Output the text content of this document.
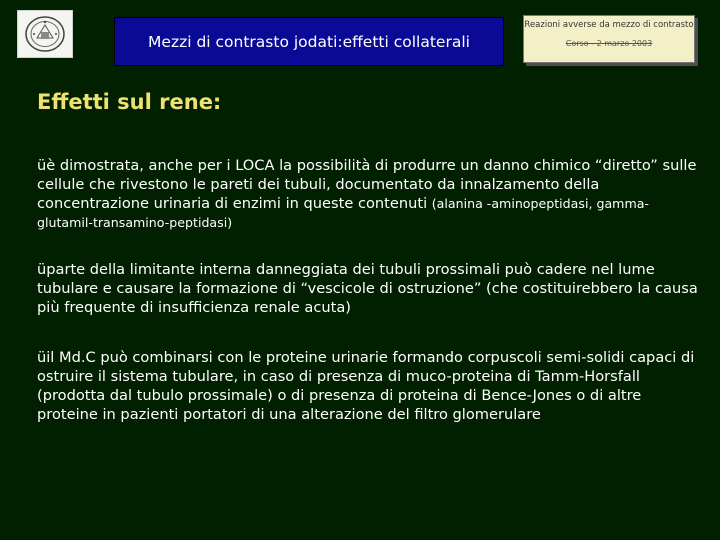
Mezzi di contrasto jodati:effetti collaterali
Reazioni avverse da mezzo di contrasto
Corso - 2 marzo 2003
Effetti sul rene:

üè dimostrata, anche per i LOCA la possibilità di produrre un danno chimico “diretto” sulle cellule che rivestono le pareti dei tubuli, documentato da innalzamento della concentrazione urinaria di enzimi in queste contenuti (alanina -aminopeptidasi, gamma-glutamil-transamino-peptidasi)

üparte della limitante interna danneggiata dei tubuli prossimali può cadere nel lume tubulare e causare la formazione di “vescicole di ostruzione” (che costituirebbero la causa più frequente di insufficienza renale acuta)

üil Md.C può combinarsi con le proteine urinarie formando corpuscoli semi-solidi capaci di ostruire il sistema tubulare, in caso di presenza di muco-proteina di Tamm-Horsfall (prodotta dal tubulo prossimale) o di presenza di proteina di Bence-Jones o di altre proteine in pazienti portatori di una alterazione del filtro glomerulare
